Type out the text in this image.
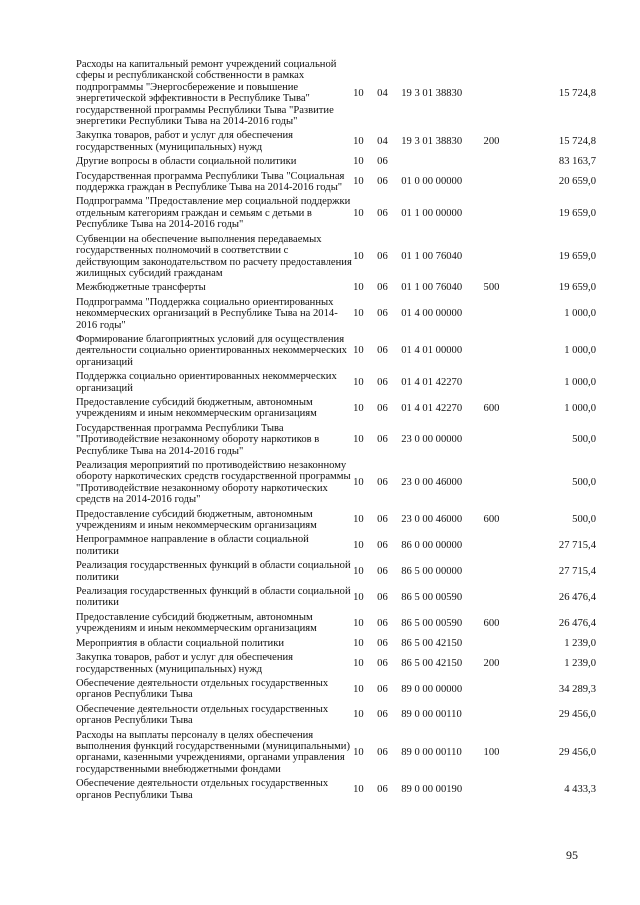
Расходы на капитальный ремонт учреждений социальной сферы и республиканской собственности в рамках подпрограммы "Энергосбережение и повышение энергетической эффективности в Республике Тыва" государственной программы Республики Тыва "Развитие энергетики Республики Тыва на 2014-2016 годы"	10	04	19 3 01 38830		15 724,8
Закупка товаров, работ и услуг для обеспечения государственных (муниципальных) нужд	10	04	19 3 01 38830	200	15 724,8
Другие вопросы в области социальной политики	10	06			83 163,7
Государственная программа Республики Тыва "Социальная поддержка граждан в Республике Тыва на 2014-2016 годы"	10	06	01 0 00 00000		20 659,0
Подпрограмма "Предоставление мер социальной поддержки отдельным категориям граждан и семьям с детьми в Республике Тыва на 2014-2016 годы"	10	06	01 1 00 00000		19 659,0
Субвенции на обеспечение выполнения передаваемых государственных полномочий в соответствии с действующим законодательством по расчету предоставления жилищных субсидий гражданам	10	06	01 1 00 76040		19 659,0
Межбюджетные трансферты	10	06	01 1 00 76040	500	19 659,0
Подпрограмма "Поддержка социально ориентированных некоммерческих организаций в Республике Тыва на 2014-2016 годы"	10	06	01 4 00 00000		1 000,0
Формирование благоприятных условий для осуществления деятельности социально ориентированных некоммерческих организаций	10	06	01 4 01 00000		1 000,0
Поддержка социально ориентированных некоммерческих организаций	10	06	01 4 01 42270		1 000,0
Предоставление субсидий бюджетным, автономным учреждениям и иным некоммерческим организациям	10	06	01 4 01 42270	600	1 000,0
Государственная программа Республики Тыва "Противодействие незаконному обороту наркотиков в Республике Тыва на 2014-2016 годы"	10	06	23 0 00 00000		500,0
Реализация мероприятий по противодействию незаконному обороту наркотических средств государственной программы "Противодействие незаконному обороту наркотических средств на 2014-2016 годы"	10	06	23 0 00 46000		500,0
Предоставление субсидий бюджетным, автономным учреждениям и иным некоммерческим организациям	10	06	23 0 00 46000	600	500,0
Непрограммное направление в области социальной политики	10	06	86 0 00 00000		27 715,4
Реализация государственных функций в области социальной политики	10	06	86 5 00 00000		27 715,4
Реализация государственных функций в области социальной политики	10	06	86 5 00 00590		26 476,4
Предоставление субсидий бюджетным, автономным учреждениям и иным некоммерческим организациям	10	06	86 5 00 00590	600	26 476,4
Мероприятия в области социальной политики	10	06	86 5 00 42150		1 239,0
Закупка товаров, работ и услуг для обеспечения государственных (муниципальных) нужд	10	06	86 5 00 42150	200	1 239,0
Обеспечение деятельности отдельных государственных органов Республики Тыва	10	06	89 0 00 00000		34 289,3
Обеспечение деятельности отдельных государственных органов Республики Тыва	10	06	89 0 00 00110		29 456,0
Расходы на выплаты персоналу в целях обеспечения выполнения функций государственными (муниципальными) органами, казенными учреждениями, органами управления государственными внебюджетными фондами	10	06	89 0 00 00110	100	29 456,0
Обеспечение деятельности отдельных государственных органов Республики Тыва	10	06	89 0 00 00190		4 433,3
95
